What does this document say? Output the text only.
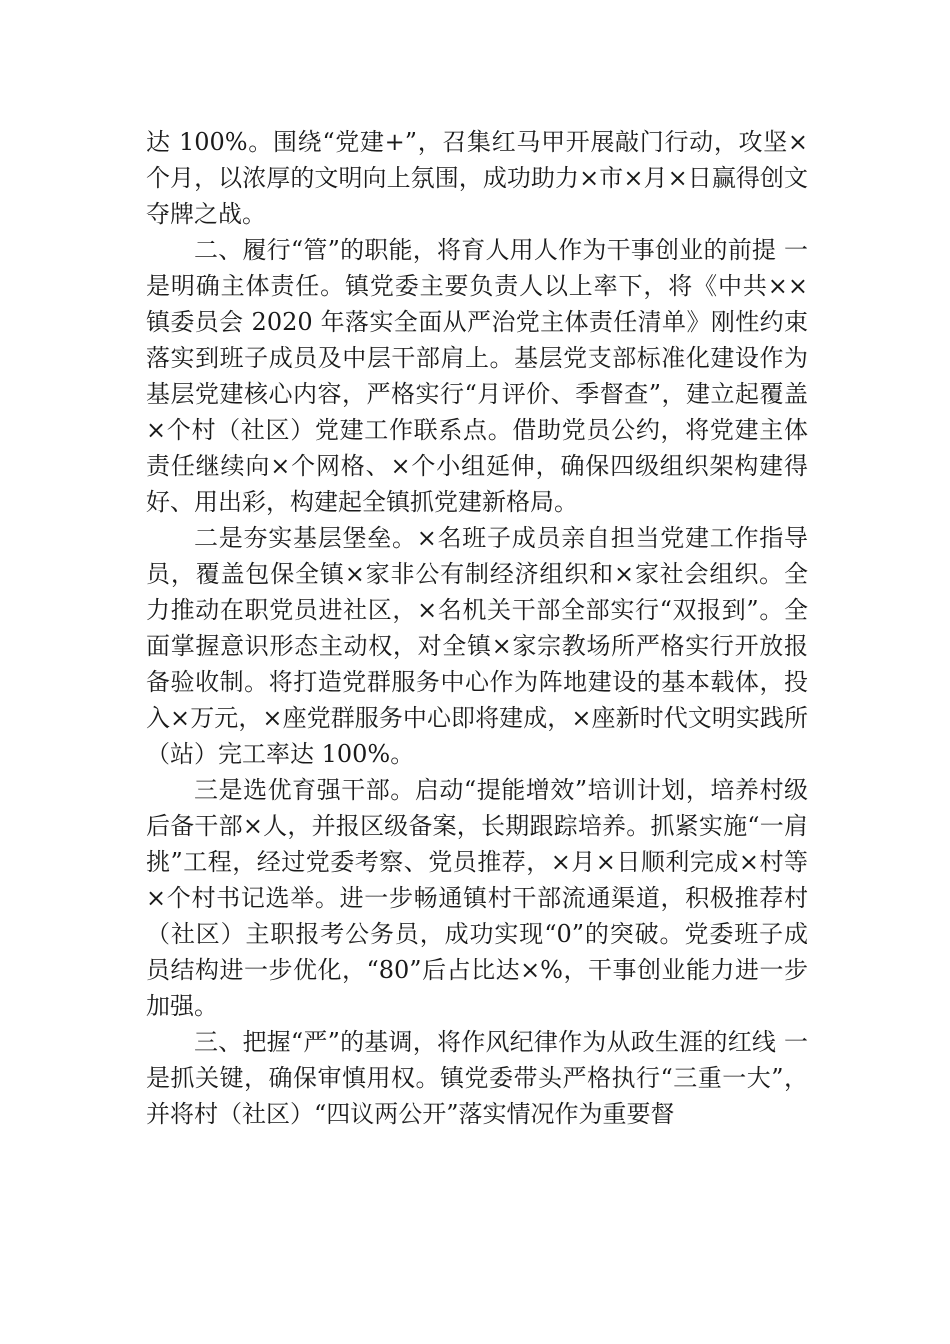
达 100%。围绕“党建+”，召集红马甲开展敲门行动，攻坚×个月，以浓厚的文明向上氛围，成功助力×市×月×日赢得创文夺牌之战。

二、履行“管”的职能，将育人用人作为干事创业的前提 一是明确主体责任。镇党委主要负责人以上率下，将《中共××镇委员会 2020 年落实全面从严治党主体责任清单》刚性约束落实到班子成员及中层干部肩上。基层党支部标准化建设作为基层党建核心内容，严格实行“月评价、季督查”，建立起覆盖×个村（社区）党建工作联系点。借助党员公约，将党建主体责任继续向×个网格、×个小组延伸，确保四级组织架构建得好、用出彩，构建起全镇抓党建新格局。

二是夯实基层堡垒。×名班子成员亲自担当党建工作指导员，覆盖包保全镇×家非公有制经济组织和×家社会组织。全力推动在职党员进社区，×名机关干部全部实行“双报到”。全面掌握意识形态主动权，对全镇×家宗教场所严格实行开放报备验收制。将打造党群服务中心作为阵地建设的基本载体，投入×万元，×座党群服务中心即将建成，×座新时代文明实践所（站）完工率达 100%。

三是选优育强干部。启动“提能增效”培训计划，培养村级后备干部×人，并报区级备案，长期跟踪培养。抓紧实施“一肩挑”工程，经过党委考察、党员推荐，×月×日顺利完成×村等×个村书记选举。进一步畅通镇村干部流通渠道，积极推荐村（社区）主职报考公务员，成功实现“0”的突破。党委班子成员结构进一步优化，“80”后占比达×%，干事创业能力进一步加强。

三、把握“严”的基调，将作风纪律作为从政生涯的红线 一是抓关键，确保审慎用权。镇党委带头严格执行“三重一大”，并将村（社区）“四议两公开”落实情况作为重要督
